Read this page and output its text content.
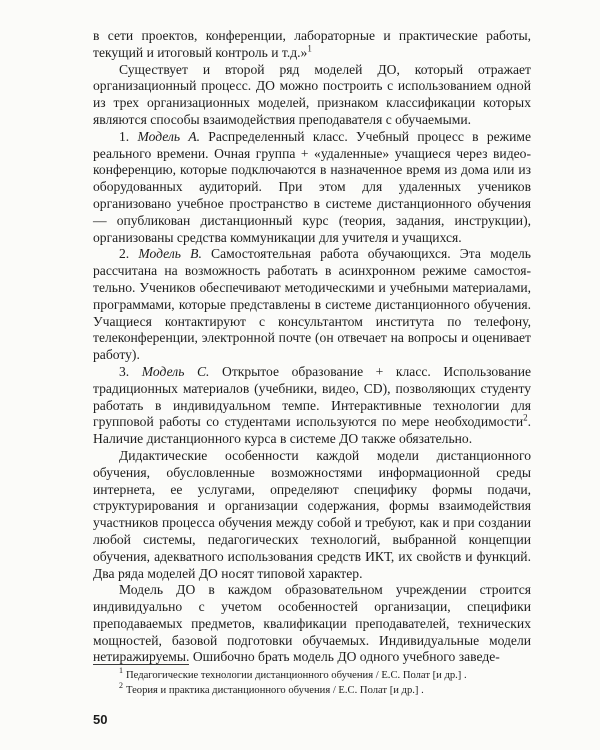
в сети проектов, конференции, лабораторные и практические работы, текущий и итоговый контроль и т.д.»$^1$

Существует и второй ряд моделей ДО, который отражает организационный процесс. ДО можно построить с использованием одной из трех организационных моделей, признаком классификации которых являются способы взаимодействия преподавателя с обучаемыми.

1. Модель А. Распределенный класс. Учебный процесс в режиме реального времени. Очная группа + «удаленные» учащиеся через видеоконференцию, которые подключаются в назначенное время из дома или из оборудованных аудиторий. При этом для удаленных учеников организовано учебное пространство в системе дистанционного обучения — опубликован дистанционный курс (теория, задания, инструкции), организованы средства коммуникации для учителя и учащихся.

2. Модель В. Самостоятельная работа обучающихся. Эта модель рассчитана на возможность работать в асинхронном режиме самостоятельно. Учеников обеспечивают методическими и учебными материалами, программами, которые представлены в системе дистанционного обучения. Учащиеся контактируют с консультантом института по телефону, телеконференции, электронной почте (он отвечает на вопросы и оценивает работу).

3. Модель С. Открытое образование + класс. Использование традиционных материалов (учебники, видео, CD), позволяющих студенту работать в индивидуальном темпе. Интерактивные технологии для групповой работы со студентами используются по мере необходимости$^2$. Наличие дистанционного курса в системе ДО также обязательно.

Дидактические особенности каждой модели дистанционного обучения, обусловленные возможностями информационной среды интернета, ее услугами, определяют специфику формы подачи, структурирования и организации содержания, формы взаимодействия участников процесса обучения между собой и требуют, как и при создании любой системы, педагогических технологий, выбранной концепции обучения, адекватного использования средств ИКТ, их свойств и функций. Два ряда моделей ДО носят типовой характер.

Модель ДО в каждом образовательном учреждении строится индивидуально с учетом особенностей организации, специфики преподаваемых предметов, квалификации преподавателей, технических мощностей, базовой подготовки обучаемых. Индивидуальные модели нетиражируемы. Ошибочно брать модель ДО одного учебного заведе-

$^1$ Педагогические технологии дистанционного обучения / Е.С. Полат [и др.] .

$^2$ Теория и практика дистанционного обучения / Е.С. Полат [и др.] .

50
